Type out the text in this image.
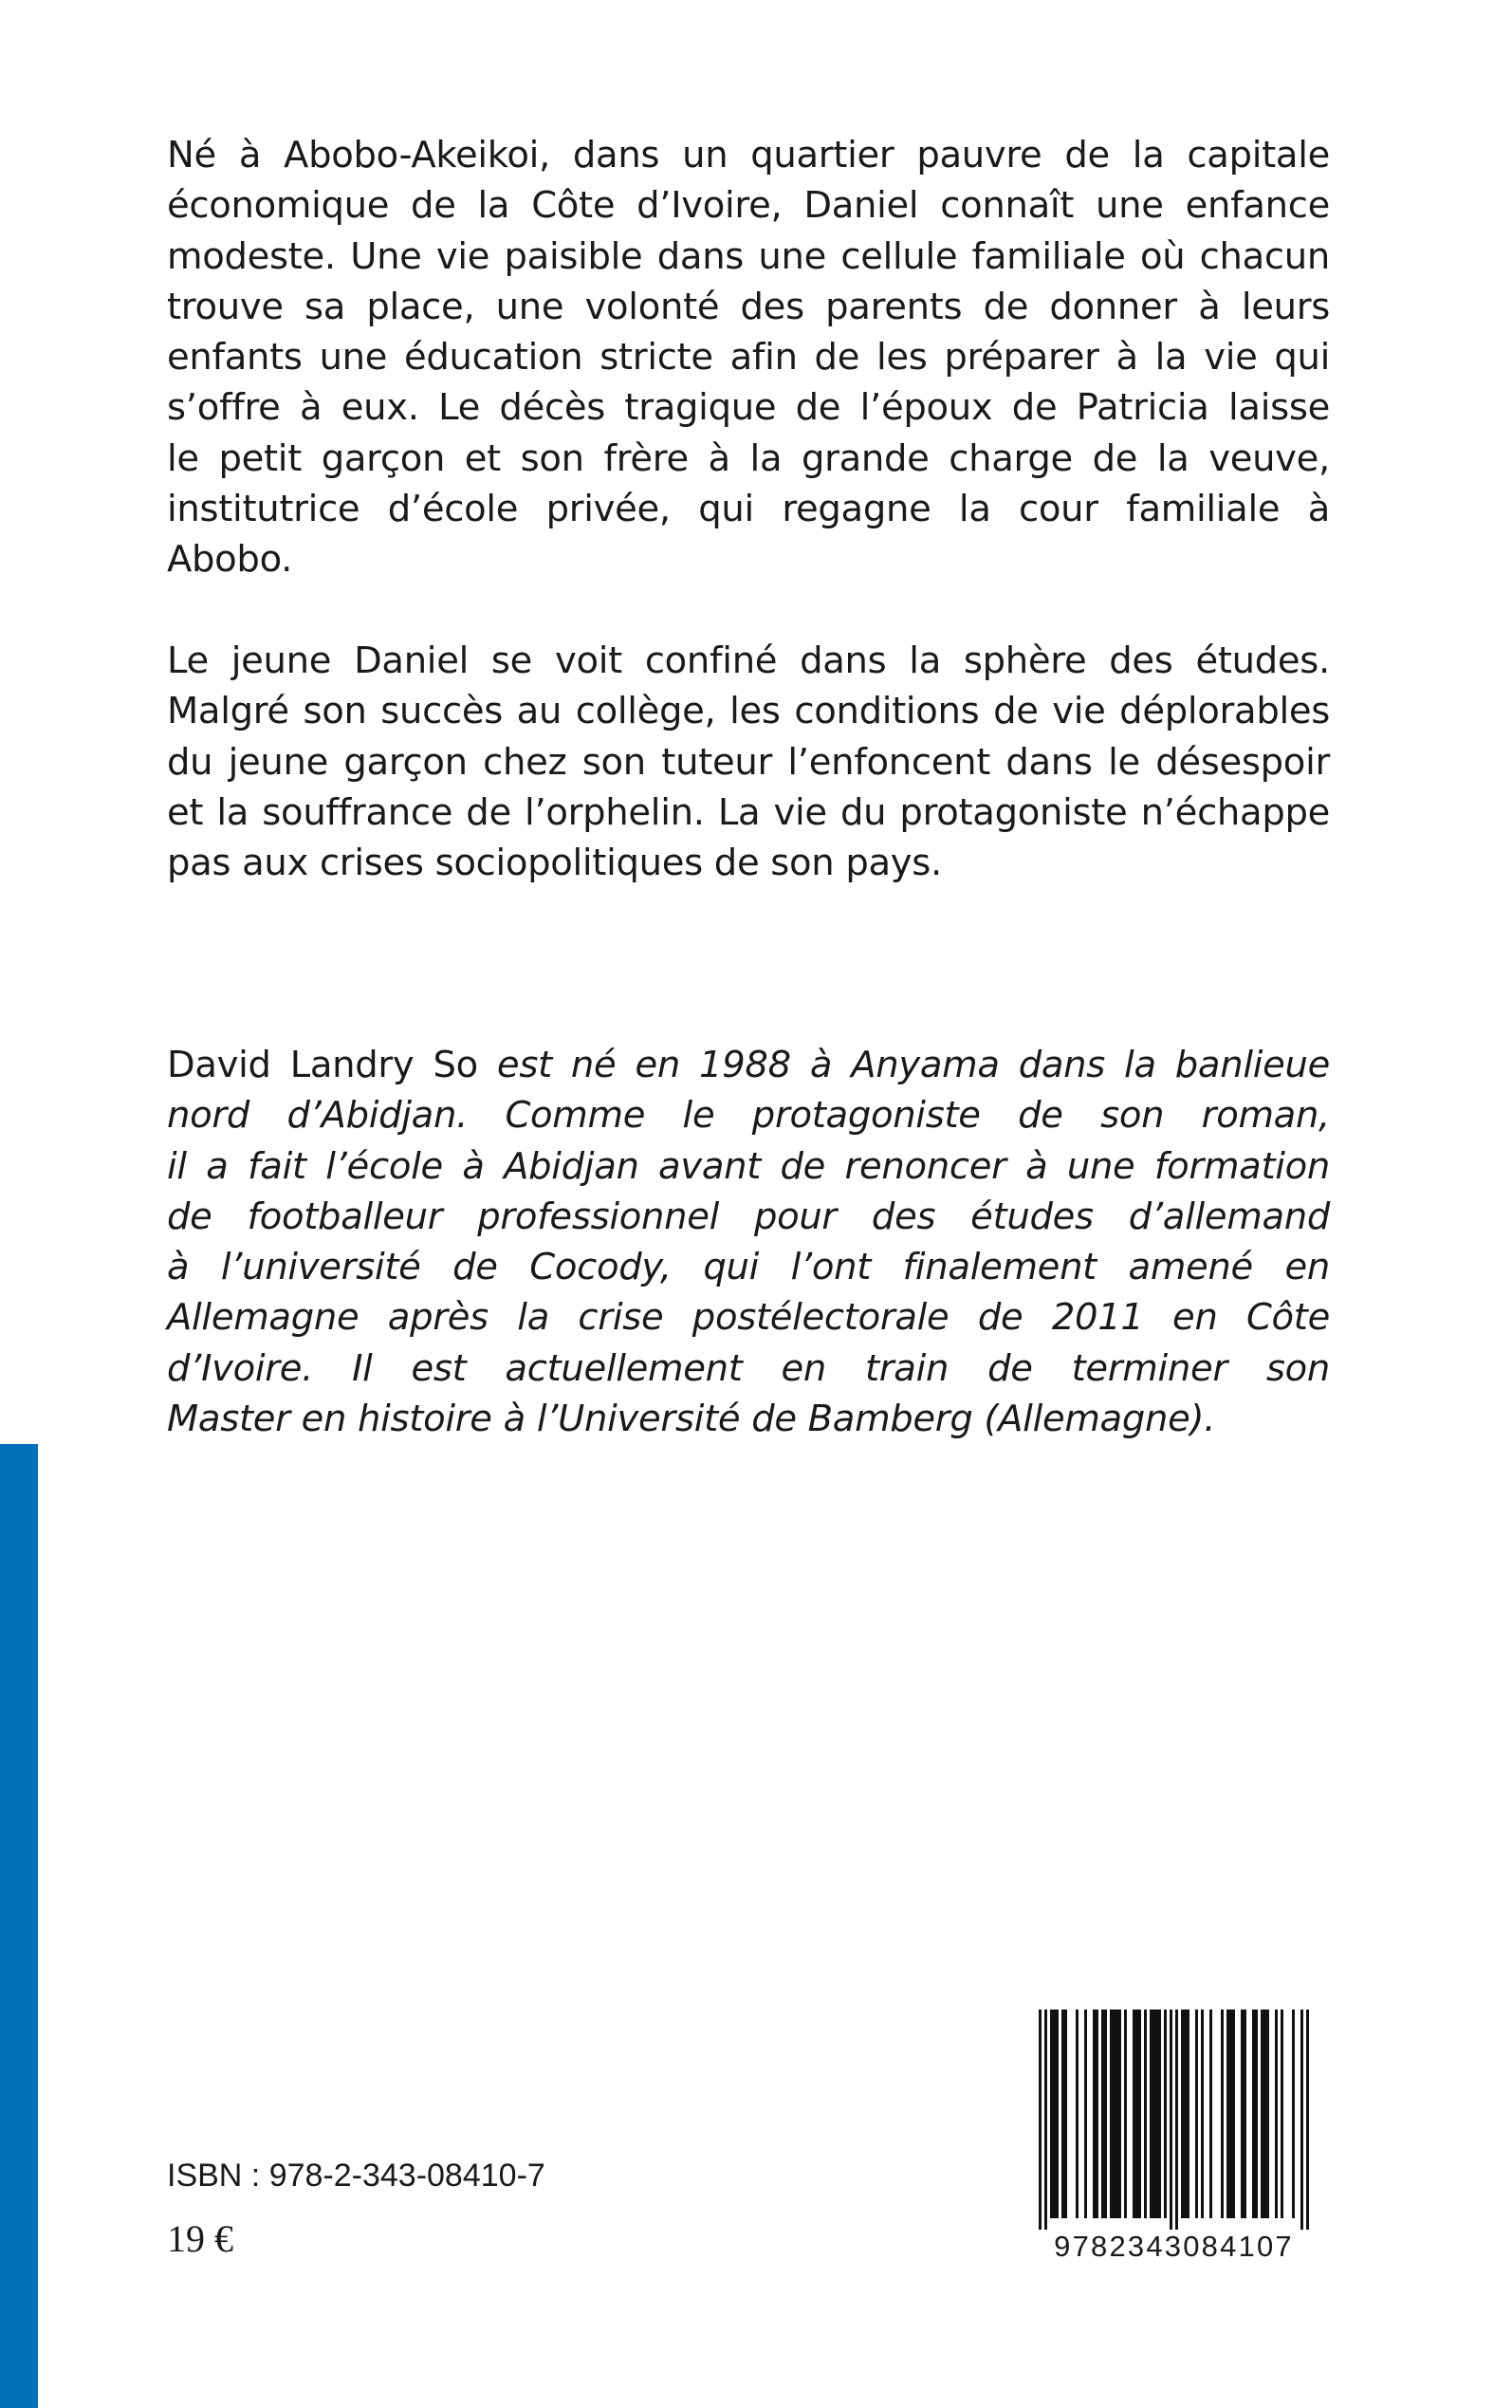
Né à Abobo-Akeikoi, dans un quartier pauvre de la capitale
économique de la Côte d’Ivoire, Daniel connaît une enfance
modeste. Une vie paisible dans une cellule familiale où chacun
trouve sa place, une volonté des parents de donner à leurs
enfants une éducation stricte afin de les préparer à la vie qui
s’offre à eux. Le décès tragique de l’époux de Patricia laisse
le petit garçon et son frère à la grande charge de la veuve,
institutrice d’école privée, qui regagne la cour familiale à
Abobo.
Le jeune Daniel se voit confiné dans la sphère des études.
Malgré son succès au collège, les conditions de vie déplorables
du jeune garçon chez son tuteur l’enfoncent dans le désespoir
et la souffrance de l’orphelin. La vie du protagoniste n’échappe
pas aux crises sociopolitiques de son pays.
David Landry So est né en 1988 à Anyama dans la banlieue
nord d’Abidjan. Comme le protagoniste de son roman,
il a fait l’école à Abidjan avant de renoncer à une formation
de footballeur professionnel pour des études d’allemand
à l’université de Cocody, qui l’ont finalement amené en
Allemagne après la crise postélectorale de 2011 en Côte
d’Ivoire. Il est actuellement en train de terminer son
Master en histoire à l’Université de Bamberg (Allemagne).
ISBN : 978-2-343-08410-7
19 €	9782343084107
